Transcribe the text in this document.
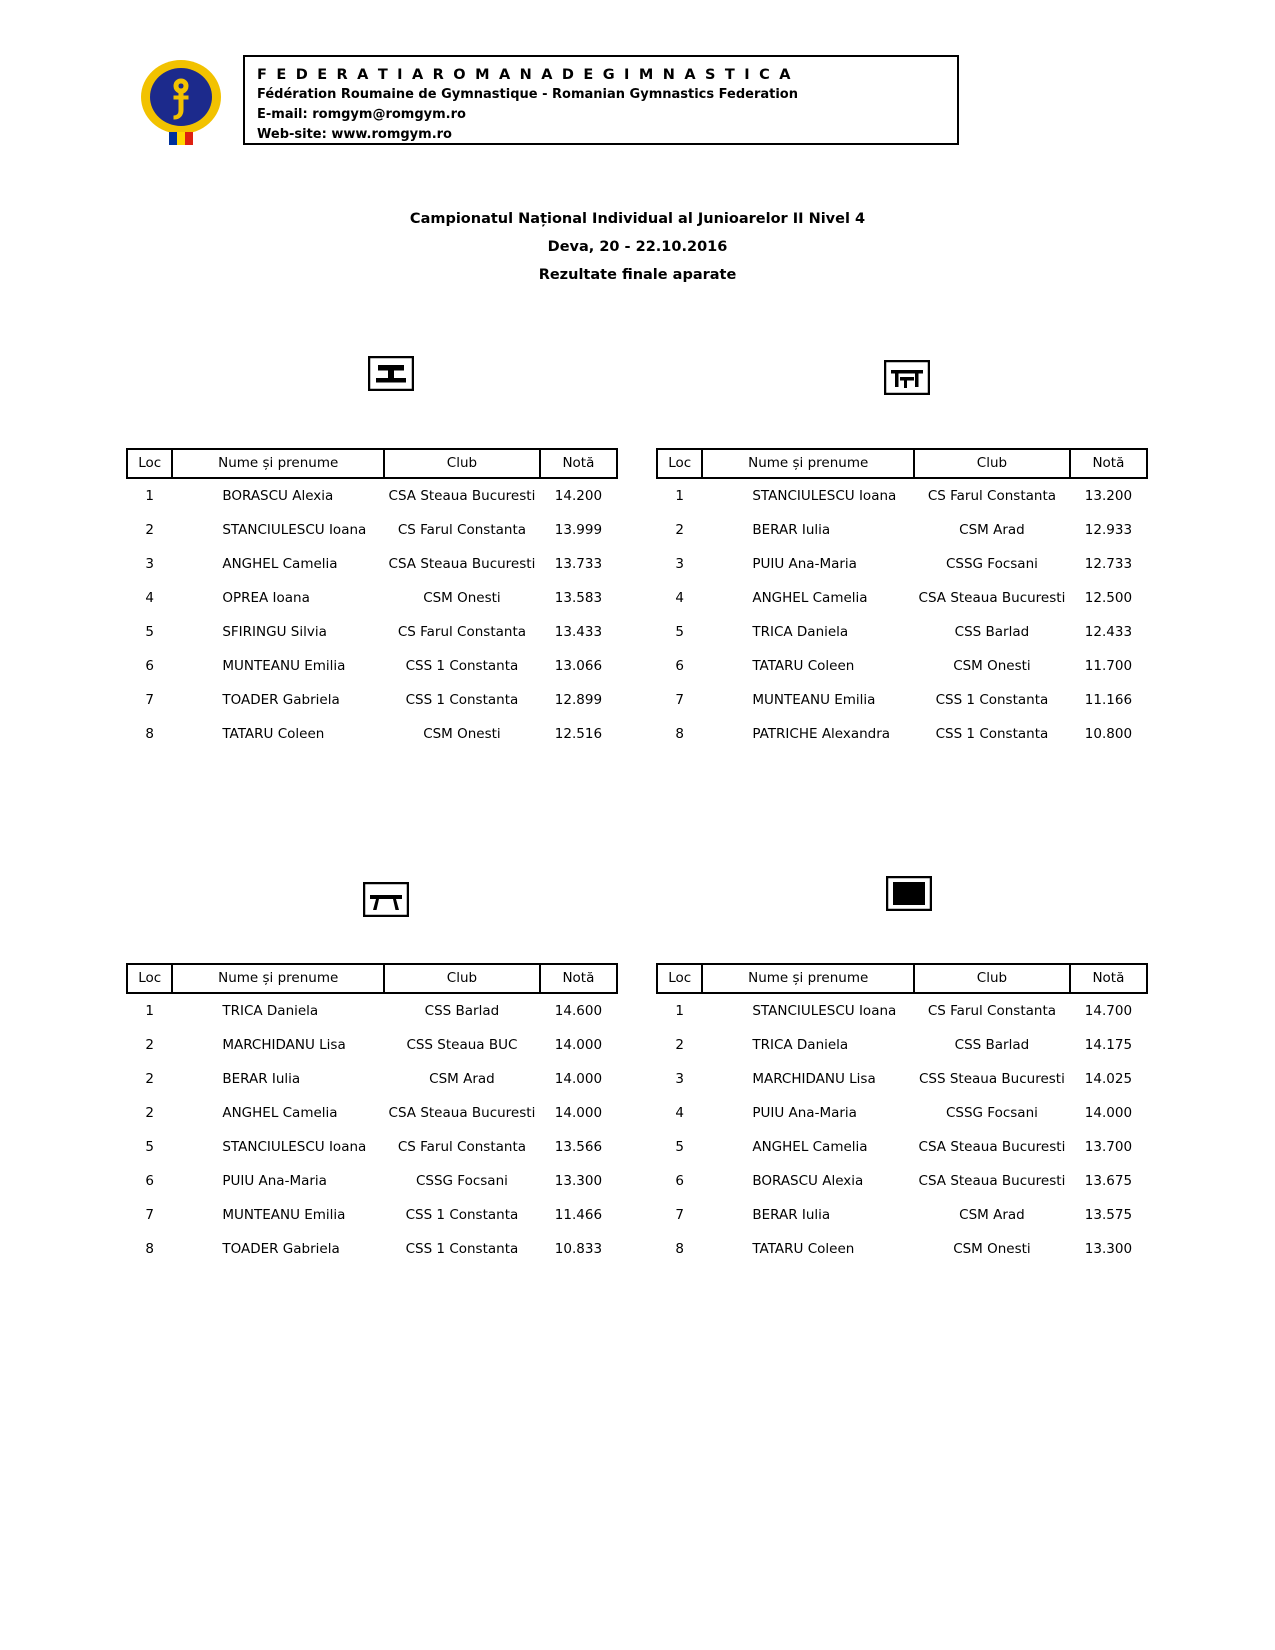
F E D E R A T I A R O M A N A D E G I M N A S T I C A
Fédération Roumaine de Gymnastique - Romanian Gymnastics Federation
E-mail: romgym@romgym.ro
Web-site: www.romgym.ro
Campionatul Național Individual al Junioarelor II Nivel 4
Deva, 20 - 22.10.2016
Rezultate finale aparate
Loc	Nume și prenume	Club	Notă
1	BORASCU Alexia	CSA Steaua Bucuresti	14.200
2	STANCIULESCU Ioana	CS Farul Constanta	13.999
3	ANGHEL Camelia	CSA Steaua Bucuresti	13.733
4	OPREA Ioana	CSM Onesti	13.583
5	SFIRINGU Silvia	CS Farul Constanta	13.433
6	MUNTEANU Emilia	CSS 1 Constanta	13.066
7	TOADER Gabriela	CSS 1 Constanta	12.899
8	TATARU Coleen	CSM Onesti	12.516
Loc	Nume și prenume	Club	Notă
1	STANCIULESCU Ioana	CS Farul Constanta	13.200
2	BERAR Iulia	CSM Arad	12.933
3	PUIU Ana-Maria	CSSG Focsani	12.733
4	ANGHEL Camelia	CSA Steaua Bucuresti	12.500
5	TRICA Daniela	CSS Barlad	12.433
6	TATARU Coleen	CSM Onesti	11.700
7	MUNTEANU Emilia	CSS 1 Constanta	11.166
8	PATRICHE Alexandra	CSS 1 Constanta	10.800
Loc	Nume și prenume	Club	Notă
1	TRICA Daniela	CSS Barlad	14.600
2	MARCHIDANU Lisa	CSS Steaua BUC	14.000
2	BERAR Iulia	CSM Arad	14.000
2	ANGHEL Camelia	CSA Steaua Bucuresti	14.000
5	STANCIULESCU Ioana	CS Farul Constanta	13.566
6	PUIU Ana-Maria	CSSG Focsani	13.300
7	MUNTEANU Emilia	CSS 1 Constanta	11.466
8	TOADER Gabriela	CSS 1 Constanta	10.833
Loc	Nume și prenume	Club	Notă
1	STANCIULESCU Ioana	CS Farul Constanta	14.700
2	TRICA Daniela	CSS Barlad	14.175
3	MARCHIDANU Lisa	CSS Steaua Bucuresti	14.025
4	PUIU Ana-Maria	CSSG Focsani	14.000
5	ANGHEL Camelia	CSA Steaua Bucuresti	13.700
6	BORASCU Alexia	CSA Steaua Bucuresti	13.675
7	BERAR Iulia	CSM Arad	13.575
8	TATARU Coleen	CSM Onesti	13.300
